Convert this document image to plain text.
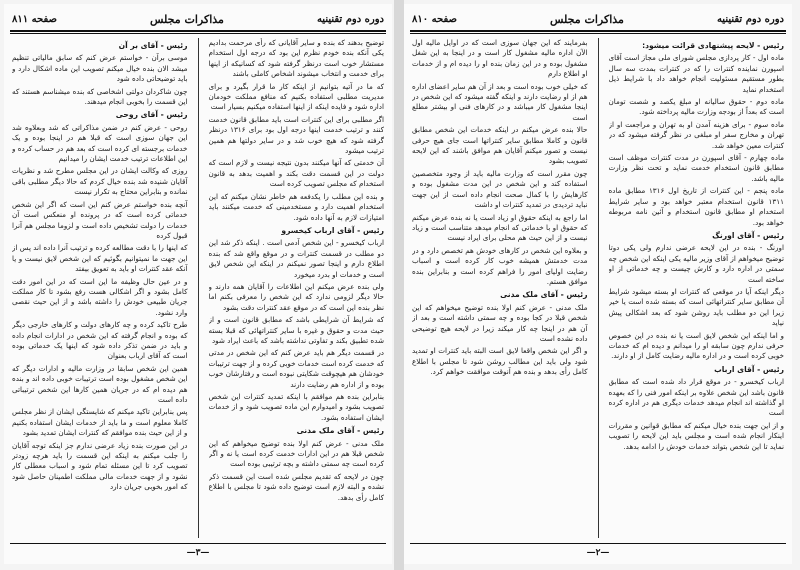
دوره دوم تقنینیه
مذاکرات مجلس
صفحه ۸۱۱

توضیح بدهند که بنده و سایر آقایانی که رأی مرحمت بدادیم یکی آنکه بنده خودم نظرم این بود که درجه اول استخدام مستشار خوب است درنظر گرفته شود که کسانیکه از اینها برای خدمت و انتخاب میشوند اشخاص کاملی باشند

که ما در آتیه بتوانیم از اینکه کار ما قرار بگیرد و برای مدیریت مطلبی استفاده بکنیم که منافع مملکت خودمان اداره شود و فایده اینکه از اینها استفاده میکنیم بسیار است

اگر مطلبی برای این کنترات است باید مطابق قانون خدمت کنند و ترتیب خدمت اینها درجه اول بود برای ۱۳۱۶ درنظر گرفته شود که هیچ خوب شد و در سایر دولتها هم همین ترتیب میشود

آن خدمتی که آنها میکنند بدون نتیجه نیست و لازم است که دولت در این قسمت دقت بکند و اهمیت بدهد به قانون استخدام که مجلس تصویب کرده است

و بنده این مطلب را یکدفعه هم خاطر نشان میکنم که این استخدام اهمیت دارد و مستخدمینی که خدمت میکنند باید امتیازات لازم به آنها داده شود.

رئیس - آقای ارباب کیخسرو

ارباب کیخسرو - این شخص آدمی است . اینکه ذکر شد این دو مطلب در قسمت کنترات و در موقع واقع شد که بنده اطلاع دارم و اینجا تصور نمیکنم در اینکه این شخص لایق است و خدمات او بدرد میخورد

ولی بنده عرض میکنم این اطلاعات را آقایان همه دارند و حالا دیگر لزومی ندارد که این شخص را معرفی بکنم اما نظر بنده این است که در موقع عقد کنترات دقت بشود

که شرایط آن شرایطی باشد که مطابق قانون است و از حیث مدت و حقوق و غیره با سایر کنتراتهائی که قبلا بسته شده تطبیق بکند و تفاوتی نداشته باشد که باعث ایراد شود

در قسمت دیگر هم باید عرض کنم که این شخص در مدتی که خدمت کرده است خدمات خوبی کرده و از جهت ترتیبات خودشان هم هیچوقت شکایتی نبوده است و رفتارشان خوب بوده و از اداره هم رضایت دارند

بنابراین بنده هم موافقم با اینکه تمدید کنترات این شخص تصویب بشود و امیدوارم این ماده تصویب شود و از خدمات ایشان استفاده بشود.

رئیس - آقای ملک مدنی

ملک مدنی - عرض کنم اولا بنده توضیح میخواهم که این شخص قبلا هم در این ادارات خدمت کرده است یا نه و اگر کرده است چه سمتی داشته و بچه ترتیبی بوده است

چون در لایحه که تقدیم مجلس شده است این قسمت ذکر نشده و البته لازم است توضیح داده شود تا مجلس با اطلاع کامل رأی بدهد.

رئیس - آقای بر آن

موسی برآن - خواستم عرض کنم که سابق مالیاتی تنظیم میشد الان بنده خیال میکنم تصویب این ماده اشکال دارد و باید توضیحاتی داده شود

چون شاکردان دولتی اشخاصی که بنده میشناسم هستند که این قسمت را بخوبی انجام میدهند.

رئیس - آقای روحی

روحی - عرض کنم در ضمن مذاکراتی که شد وبعلاوه شد این جهان سوزی است که قبلا هم در اینجا بوده و یک خدمات برجسته ای کرده است که بعد هم در حساب کرده و این اطلاعات ترتیب خدمت ایشان را میدانیم

روزی که وکالت ایشان در این مجلس مطرح شد و نظریات آقایان شنیده شد بنده خیال کردم که حالا دیگر مطلبی باقی نمانده و بنابراین محتاج به تکرار نیست

آنچه بنده خواستم عرض کنم این است که اگر این شخص خدماتی کرده است که در پرونده او منعکس است آن خدمات را دولت تشخیص داده است و لزوما مجلس هم آنرا قبول کرده

که اینها را با دقت مطالعه کرده و ترتیب آنرا داده اند پس از این جهت ما نمیتوانیم بگوئیم که این شخص لایق نیست و یا آنکه عقد کنترات او باید به تعویق بیفتد

و در عین حال وظیفه ما این است که در این امور دقت کامل بشود و اگر اشکالی هست رفع بشود تا کار مملکت جریان طبیعی خودش را داشته باشد و از این حیث نقصی وارد نشود.

طرح تاکید کرده و چه کارهای دولت و کارهای خارجی دیگر که بوده و انجام گرفته که این شخص در ادارات انجام داده و باید در ضمن تذکر داده شود که اینها یک خدماتی بوده است که آقای ارباب بعنوان

همین این شخص سابقا در وزارت مالیه و ادارات دیگر که این شخص مشغول بوده است ترتیبات خوبی داده اند و بنده هم دیده ام که در جریان همین کارها این شخص ترتیباتی داده است

پس بنابراین تاکید میکنم که شایستگی ایشان از نظر مجلس کاملا معلوم است و ما باید از خدمات ایشان استفاده بکنیم و از این حیث بنده موافقم که کنترات ایشان تمدید بشود

در این صورت بنده زیاد عرضی ندارم جز اینکه توجه آقایان را جلب میکنم به اینکه این قسمت را باید هرچه زودتر تصویب کرد تا این مسئله تمام شود و اسباب معطلی کار نشود و از جهت خدمات مالی مملکت اطمینان حاصل شود که امور بخوبی جریان دارد

—۳—
دوره دوم تقنینیه
مذاکرات مجلس
صفحه ۸۱۰

رئیس - لایحه پیشنهادی قرائت میشود:

ماده اول - کار پردازی مجلس شورای ملی مجاز است آقای اسپورن نماینده کنترات را که در کنترات بمدت سه سال بطور مستقیم مسئولیت انجام خواهد داد با شرایط ذیل استخدام نماید

ماده دوم - حقوق سالیانه او مبلغ یکصد و شصت تومان است که بعداً از بودجه وزارت مالیه پرداخته شود.

ماده سوم - برای هزینه آمدن او به تهران و مراجعت او از تهران و مخارج سفر او مبلغی در نظر گرفته میشود که در کنترات معین خواهد شد.

ماده چهارم - آقای اسپورن در مدت کنترات موظف است مطابق قانون استخدام خدمت نماید و تحت نظر وزارت مالیه باشد.

ماده پنجم - این کنترات از تاریخ اول ۱۳۱۶ مطابق ماده ۱۳۱۱ قانون استخدام معتبر خواهد بود و سایر شرایط استخدام او مطابق قانون استخدام و آئین نامه مربوطه خواهد بود.

رئیس - آقای اورنگ

اورنگ - بنده در این لایحه عرضی ندارم ولی یکی دوتا توضیح میخواهم از آقای وزیر مالیه یکی اینکه این شخص چه سمتی در اداره دارد و کارش چیست و چه خدماتی از او ساخته است

دیگر اینکه آیا در موقعی که کنترات او بسته میشود شرایط آن مطابق سایر کنتراتهائی است که بسته شده است یا خیر زیرا این دو مطلب باید روشن شود که بعد اشکالی پیش نیاید

و اما اینکه این شخص لایق است یا نه بنده در این خصوص حرفی ندارم چون سابقه او را میدانم و دیده ام که خدمات خوبی کرده است و در اداره مالیه رضایت کامل از او دارند.

رئیس - آقای ارباب

ارباب کیخسرو - در موقع قرار داد شده است که مطابق قانون باشد این شخص علاوه بر اینکه امور فنی را که بعهده او گذاشته اند انجام میدهد خدمات دیگری هم در اداره کرده است

و از این جهت بنده خیال میکنم که مطابق قوانین و مقررات اینکار انجام شده است و مجلس باید این لایحه را تصویب نماید تا این شخص بتواند خدمات خودش را ادامه بدهد.

بفرمایند که این جهان سوزی است که در اوایل مالیه اول الآن اداره مالیه مشغول کار است و در اینجا به این شغل مشغول بوده و در این زمان بنده او را دیده ام و از خدمات او اطلاع دارم

که خیلی خوب بوده است و بعد از آن هم سایر اعضای اداره هم از او رضایت دارند و اینکه گفته میشود که این شخص در اینجا مشغول کار میباشد و در کارهای فنی او بیشتر مطلع است

حالا بنده عرض میکنم در اینکه خدمات این شخص مطابق قانون و کاملا مطابق سایر کنتراتها است جای هیچ حرفی نیست و تصور میکنم آقایان هم موافق باشند که این لایحه تصویب بشود

چون مقرر است که وزارت مالیه باید از وجود متخصصین استفاده کند و این شخص در این مدت مشغول بوده و کارهایش را با کمال صحت انجام داده است از این جهت نباید تردیدی در تمدید کنترات او داشت

اما راجع به اینکه حقوق او زیاد است یا نه بنده عرض میکنم که حقوق او با خدماتی که انجام میدهد متناسب است و زیاد نیست و از این حیث هم محلی برای ایراد نیست

و بعلاوه این شخص در کارهای خودش هم تخصص دارد و در مدت خدمتش همیشه خوب کار کرده است و اسباب رضایت اولیای امور را فراهم کرده است و بنابراین بنده موافق هستم.

رئیس - آقای ملک مدنی

ملک مدنی - عرض کنم اولا بنده توضیح میخواهم که این شخص قبلا در کجا بوده و چه سمتی داشته است و بعد از آن هم در اینجا چه کار میکند زیرا در لایحه هیچ توضیحی داده نشده است

و اگر این شخص واقعا لایق است البته باید کنترات او تمدید شود ولی باید این مطالب روشن شود تا مجلس با اطلاع کامل رأی بدهد و بنده هم آنوقت موافقت خواهم کرد.

—۲—
